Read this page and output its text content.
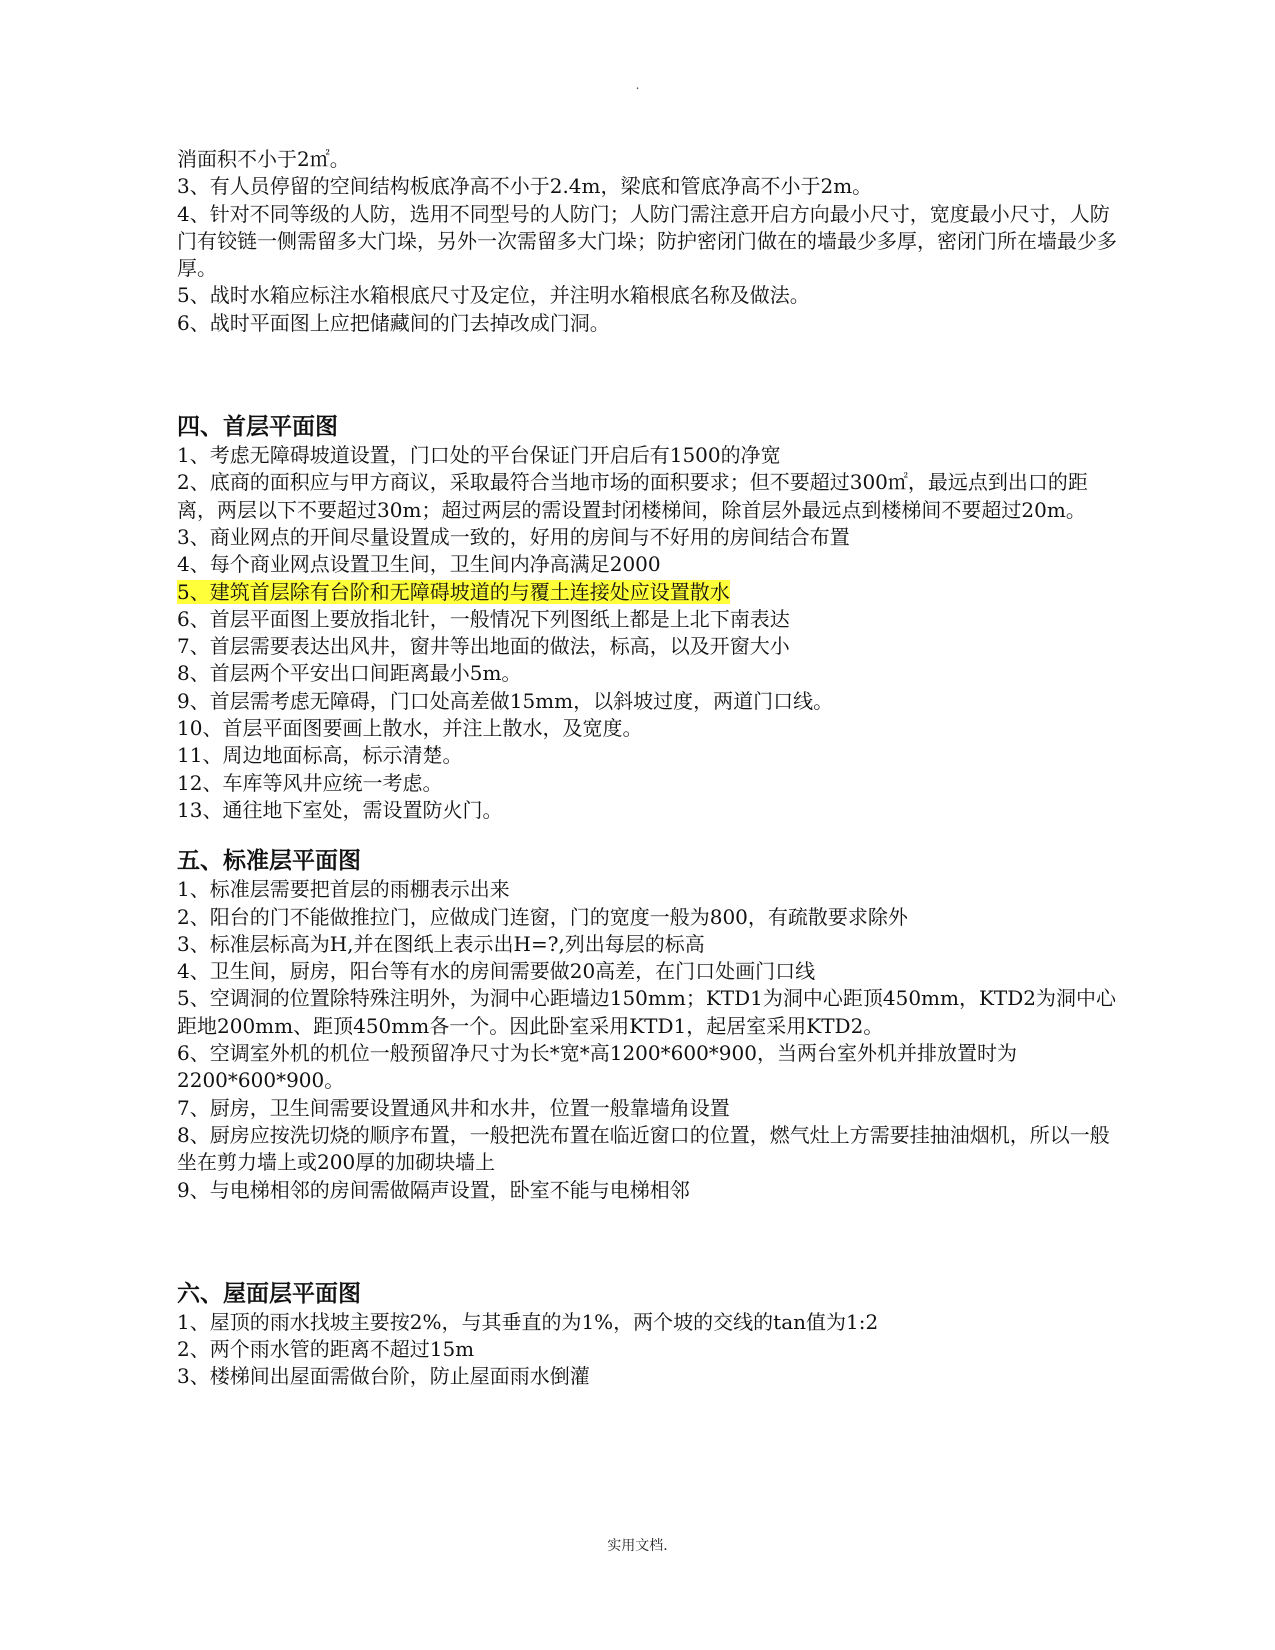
.
消面积不小于2㎡。
3、有人员停留的空间结构板底净高不小于2.4m，梁底和管底净高不小于2m。
4、针对不同等级的人防，选用不同型号的人防门；人防门需注意开启方向最小尺寸，宽度最小尺寸，人防门有铰链一侧需留多大门垛，另外一次需留多大门垛；防护密闭门做在的墙最少多厚，密闭门所在墙最少多厚。
5、战时水箱应标注水箱根底尺寸及定位，并注明水箱根底名称及做法。
6、战时平面图上应把储藏间的门去掉改成门洞。
四、首层平面图
1、考虑无障碍坡道设置，门口处的平台保证门开启后有1500的净宽
2、底商的面积应与甲方商议，采取最符合当地市场的面积要求；但不要超过300㎡，最远点到出口的距离，两层以下不要超过30m；超过两层的需设置封闭楼梯间，除首层外最远点到楼梯间不要超过20m。
3、商业网点的开间尽量设置成一致的，好用的房间与不好用的房间结合布置
4、每个商业网点设置卫生间，卫生间内净高满足2000
5、建筑首层除有台阶和无障碍坡道的与覆土连接处应设置散水
6、首层平面图上要放指北针，一般情况下列图纸上都是上北下南表达
7、首层需要表达出风井，窗井等出地面的做法，标高，以及开窗大小
8、首层两个平安出口间距离最小5m。
9、首层需考虑无障碍，门口处高差做15mm，以斜坡过度，两道门口线。
10、首层平面图要画上散水，并注上散水，及宽度。
11、周边地面标高，标示清楚。
12、车库等风井应统一考虑。
13、通往地下室处，需设置防火门。
五、标准层平面图
1、标准层需要把首层的雨棚表示出来
2、阳台的门不能做推拉门，应做成门连窗，门的宽度一般为800，有疏散要求除外
3、标准层标高为H,并在图纸上表示出H=?,列出每层的标高
4、卫生间，厨房，阳台等有水的房间需要做20高差，在门口处画门口线
5、空调洞的位置除特殊注明外，为洞中心距墙边150mm；KTD1为洞中心距顶450mm，KTD2为洞中心距地200mm、距顶450mm各一个。因此卧室采用KTD1，起居室采用KTD2。
6、空调室外机的机位一般预留净尺寸为长*宽*高1200*600*900，当两台室外机并排放置时为2200*600*900。
7、厨房，卫生间需要设置通风井和水井，位置一般靠墙角设置
8、厨房应按洗切烧的顺序布置，一般把洗布置在临近窗口的位置，燃气灶上方需要挂抽油烟机，所以一般坐在剪力墙上或200厚的加砌块墙上
9、与电梯相邻的房间需做隔声设置，卧室不能与电梯相邻
六、屋面层平面图
1、屋顶的雨水找坡主要按2%，与其垂直的为1%，两个坡的交线的tan值为1:2
2、两个雨水管的距离不超过15m
3、楼梯间出屋面需做台阶，防止屋面雨水倒灌
实用文档.
